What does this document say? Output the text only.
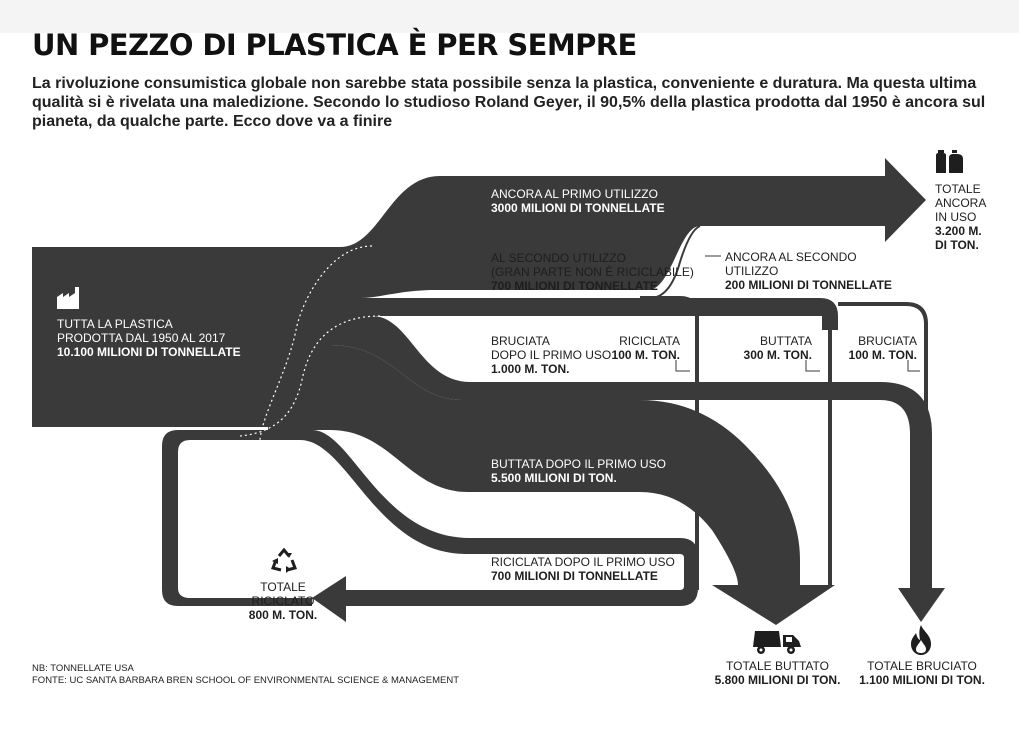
UN PEZZO DI PLASTICA È PER SEMPRE

La rivoluzione consumistica globale non sarebbe stata possibile senza la plastica, conveniente e duratura. Ma questa ultima qualità si è rivelata una maledizione. Secondo lo studioso Roland Geyer, il 90,5% della plastica prodotta dal 1950 è ancora sul pianeta, da qualche parte. Ecco dove va a finire

TUTTA LA PLASTICA
PRODOTTA DAL 1950 AL 2017
10.100 MILIONI DI TONNELLATE
ANCORA AL PRIMO UTILIZZO
3000 MILIONI DI TONNELLATE
AL SECONDO UTILIZZO
(GRAN PARTE NON È RICICLABILE)
700 MILIONI DI TONNELLATE
ANCORA AL SECONDO
UTILIZZO
200 MILIONI DI TONNELLATE
BRUCIATA
DOPO IL PRIMO USO
1.000 M. TON.
RICICLATA
100 M. TON.
BUTTATA
300 M. TON.
BRUCIATA
100 M. TON.
BUTTATA DOPO IL PRIMO USO
5.500 MILIONI DI TON.
RICICLATA DOPO IL PRIMO USO
700 MILIONI DI TONNELLATE
TOTALE
ANCORA
IN USO
3.200 M.
DI TON.
TOTALE
RICICLATO
800 M. TON.
TOTALE BUTTATO
5.800 MILIONI DI TON.
TOTALE BRUCIATO
1.100 MILIONI DI TON.
NB: TONNELLATE USA
FONTE: UC SANTA BARBARA BREN SCHOOL OF ENVIRONMENTAL SCIENCE & MANAGEMENT
